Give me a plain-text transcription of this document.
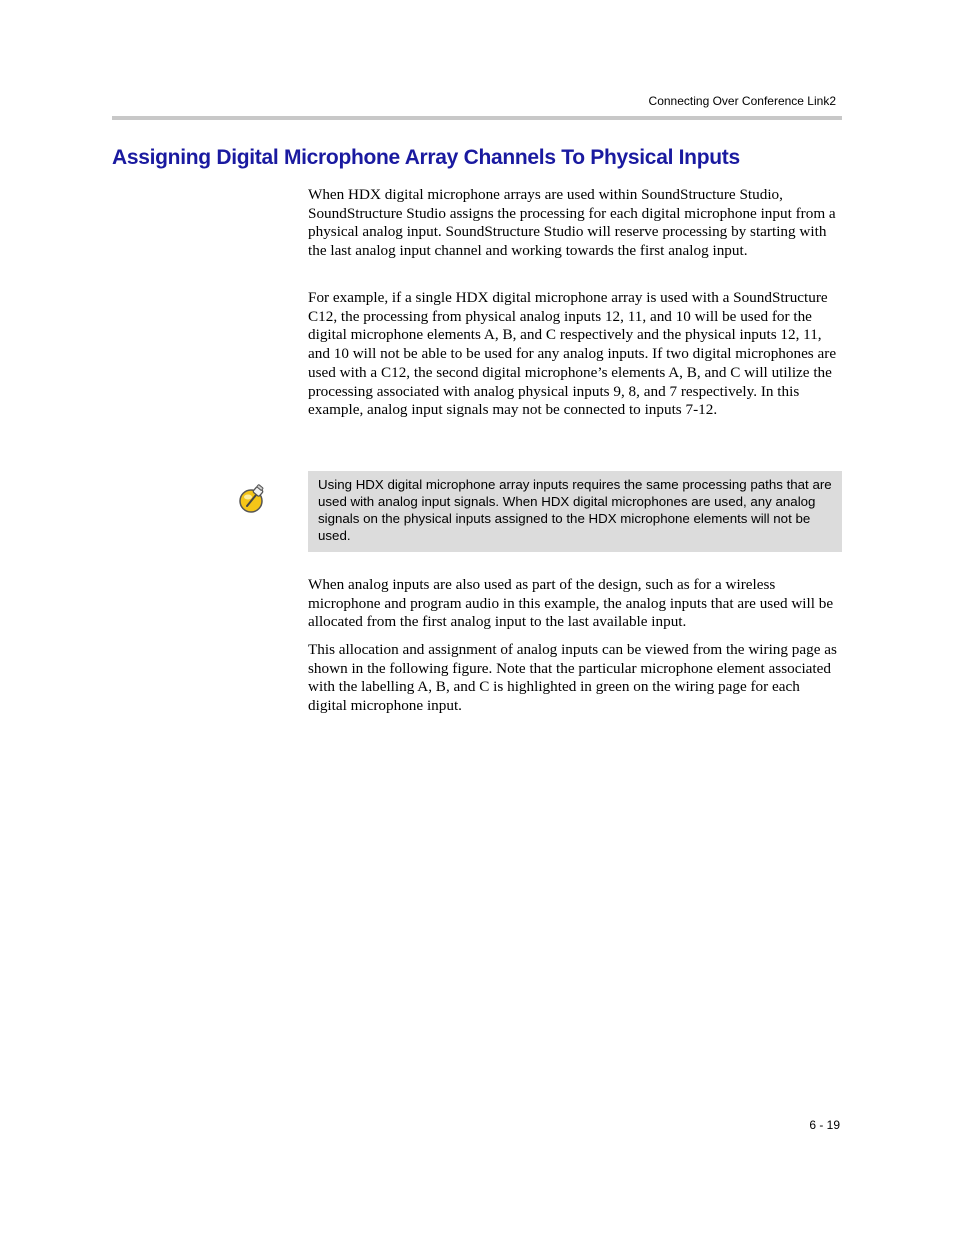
Connecting Over Conference Link2
Assigning Digital Microphone Array Channels To Physical Inputs

When HDX digital microphone arrays are used within SoundStructure Studio, SoundStructure Studio assigns the processing for each digital microphone input from a physical analog input. SoundStructure Studio will reserve processing by starting with the last analog input channel and working towards the first analog input.

For example, if a single HDX digital microphone array is used with a SoundStructure C12, the processing from physical analog inputs 12, 11, and 10 will be used for the digital microphone elements A, B, and C respectively and the physical inputs 12, 11, and 10 will not be able to be used for any analog inputs. If two digital microphones are used with a C12, the second digital microphone’s elements A, B, and C will utilize the processing associated with analog physical inputs 9, 8, and 7 respectively. In this example, analog input signals may not be connected to inputs 7-12.

Using HDX digital microphone array inputs requires the same processing paths that are used with analog input signals. When HDX digital microphones are used, any analog signals on the physical inputs assigned to the HDX microphone elements will not be used.

When analog inputs are also used as part of the design, such as for a wireless microphone and program audio in this example, the analog inputs that are used will be allocated from the first analog input to the last available input.

This allocation and assignment of analog inputs can be viewed from the wiring page as shown in the following figure. Note that the particular microphone element associated with the labelling A, B, and C is highlighted in green on the wiring page for each digital microphone input.

6 - 19
